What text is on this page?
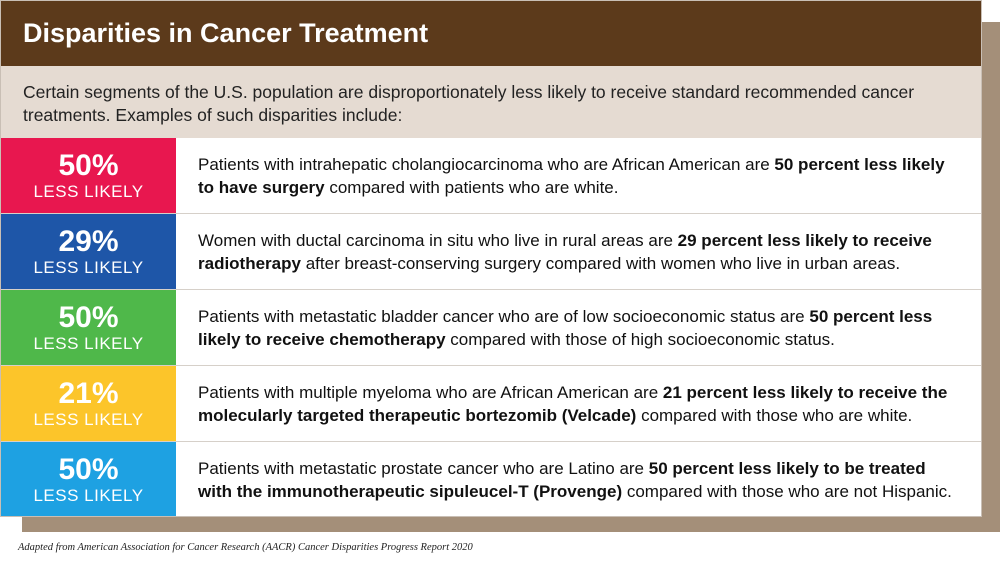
Disparities in Cancer Treatment
Certain segments of the U.S. population are disproportionately less likely to receive standard recommended cancer treatments. Examples of such disparities include:
50%
LESS LIKELY
Patients with intrahepatic cholangiocarcinoma who are African American are 50 percent less likely to have surgery compared with patients who are white.
29%
LESS LIKELY
Women with ductal carcinoma in situ who live in rural areas are 29 percent less likely to receive radiotherapy after breast-conserving surgery compared with women who live in urban areas.
50%
LESS LIKELY
Patients with metastatic bladder cancer who are of low socioeconomic status are 50 percent less likely to receive chemotherapy compared with those of high socioeconomic status.
21%
LESS LIKELY
Patients with multiple myeloma who are African American are 21 percent less likely to receive the molecularly targeted therapeutic bortezomib (Velcade) compared with those who are white.
50%
LESS LIKELY
Patients with metastatic prostate cancer who are Latino are 50 percent less likely to be treated with the immunotherapeutic sipuleucel-T (Provenge) compared with those who are not Hispanic.
Adapted from American Association for Cancer Research (AACR) Cancer Disparities Progress Report 2020
